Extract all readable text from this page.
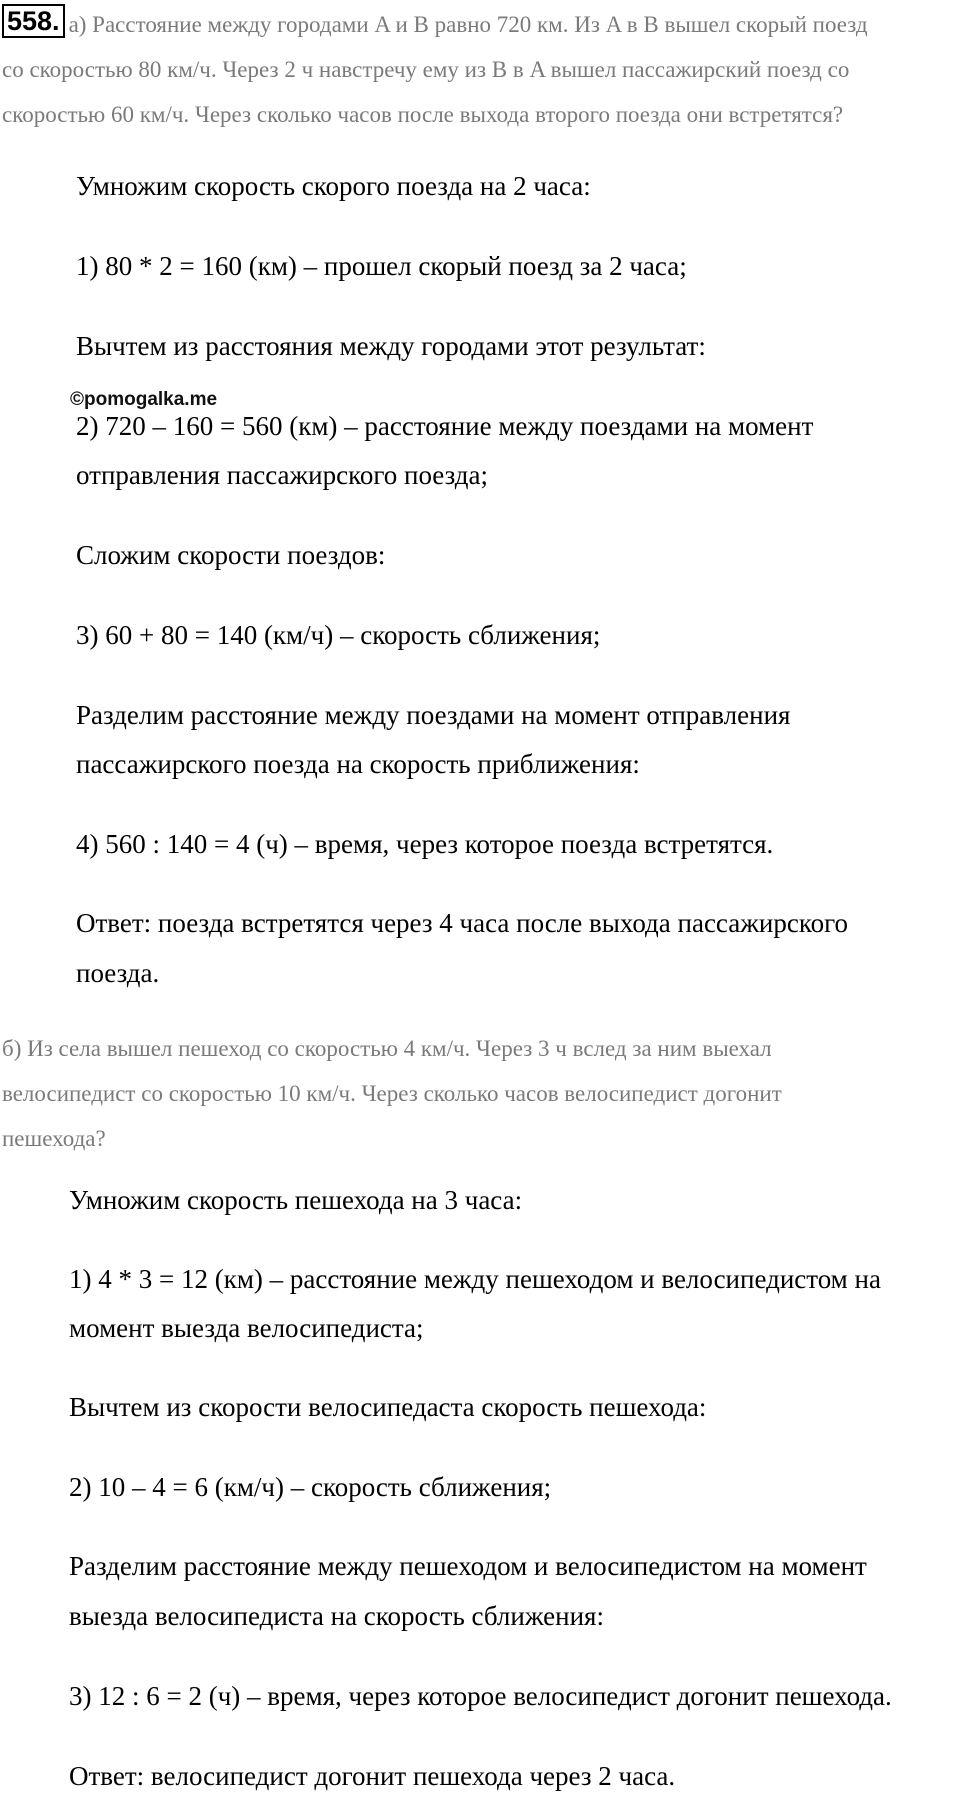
558. а) Расстояние между городами A и B равно 720 км. Из A в B вышел скорый поезд
со скоростью 80 км/ч. Через 2 ч навстречу ему из B в A вышел пассажирский поезд со
скоростью 60 км/ч. Через сколько часов после выхода второго поезда они встретятся?
Умножим скорость скорого поезда на 2 часа:
1) 80 * 2 = 160 (км) – прошел скорый поезд за 2 часа;
Вычтем из расстояния между городами этот результат:
2) 720 – 160 = 560 (км) – расстояние между поездами на момент
отправления пассажирского поезда;
Сложим скорости поездов:
3) 60 + 80 = 140 (км/ч) – скорость сближения;
Разделим расстояние между поездами на момент отправления
пассажирского поезда на скорость приближения:
4) 560 : 140 = 4 (ч) – время, через которое поезда встретятся.
Ответ: поезда встретятся через 4 часа после выхода пассажирского
поезда.
©pomogalka.me
б) Из села вышел пешеход со скоростью 4 км/ч. Через 3 ч вслед за ним выехал
велосипедист со скоростью 10 км/ч. Через сколько часов велосипедист догонит
пешехода?
Умножим скорость пешехода на 3 часа:
1) 4 * 3 = 12 (км) – расстояние между пешеходом и велосипедистом на
момент выезда велосипедиста;
Вычтем из скорости велосипедаста скорость пешехода:
2) 10 – 4 = 6 (км/ч) – скорость сближения;
Разделим расстояние между пешеходом и велосипедистом на момент
выезда велосипедиста на скорость сближения:
3) 12 : 6 = 2 (ч) – время, через которое велосипедист догонит пешехода.
Ответ: велосипедист догонит пешехода через 2 часа.
